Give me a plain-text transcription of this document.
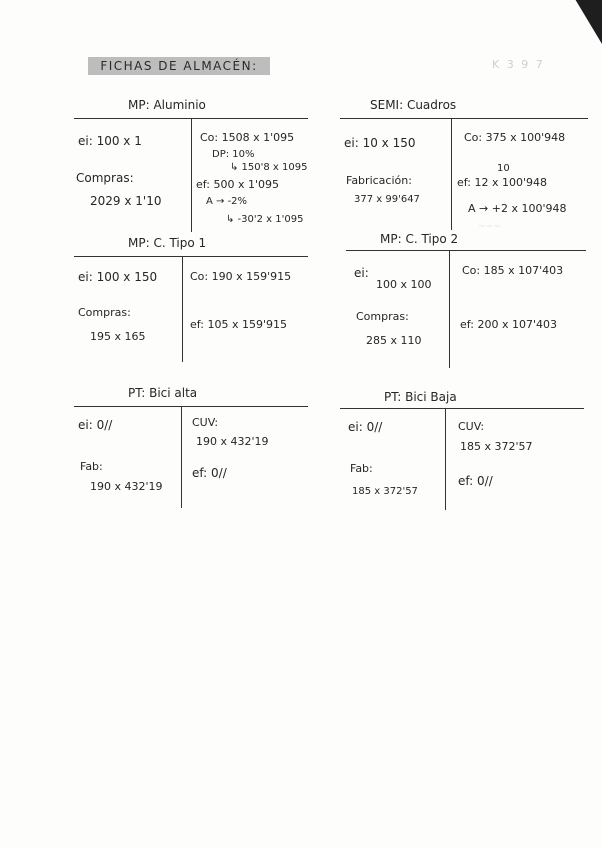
FICHAS DE ALMACÉN:	K 3 9 7
MP: Aluminio
ei: 100 x 1
Compras:
2029 x 1'10
Co: 1508 x 1'095
DP: 10%
↳ 150'8 x 1095
ef: 500 x 1'095
A → -2%
↳ -30'2 x 1'095
SEMI: Cuadros
ei: 10 x 150
Fabricación:
377 x 99'647
Co: 375 x 100'948
10
ef: 12 x 100'948
A → +2 x 100'948
~~~
MP: C. Tipo 1
ei: 100 x 150
Compras:
195 x 165
Co: 190 x 159'915
ef: 105 x 159'915
MP: C. Tipo 2
ei:
100 x 100
Compras:
285 x 110
Co: 185 x 107'403
ef: 200 x 107'403
PT: Bici alta
ei: 0//
Fab:
190 x 432'19
CUV:
190 x 432'19
ef: 0//
PT: Bici Baja
ei: 0//
Fab:
185 x 372'57
CUV:
185 x 372'57
ef: 0//
